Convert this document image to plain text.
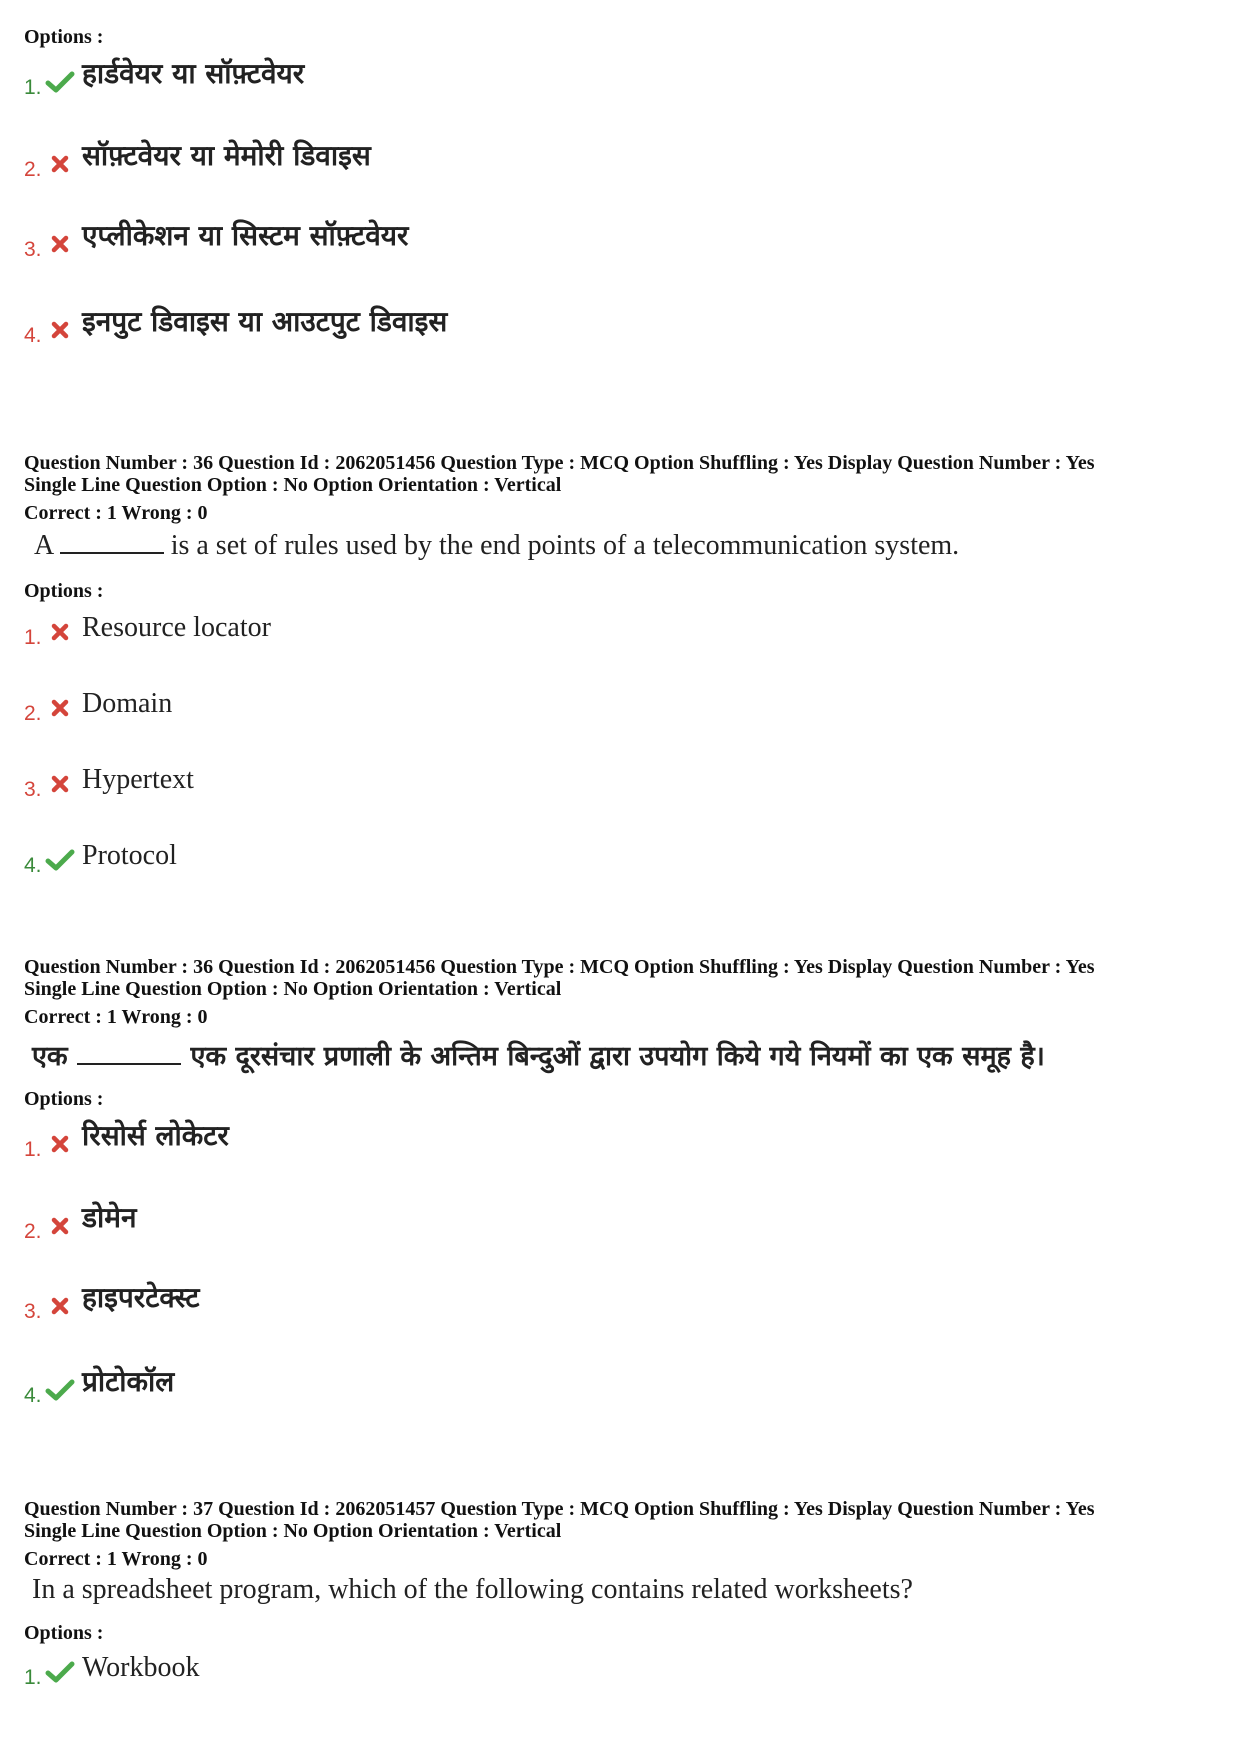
Options :
1. हार्डवेयर या सॉफ़्टवेयर
2. सॉफ़्टवेयर या मेमोरी डिवाइस
3. एप्लीकेशन या सिस्टम सॉफ़्टवेयर
4. इनपुट डिवाइस या आउटपुट डिवाइस
Question Number : 36 Question Id : 2062051456 Question Type : MCQ Option Shuffling : Yes Display Question Number : Yes
Single Line Question Option : No Option Orientation : Vertical
Correct : 1 Wrong : 0
A	is a set of rules used by the end points of a telecommunication system.
Options :
1. Resource locator
2. Domain
3. Hypertext
4. Protocol
Question Number : 36 Question Id : 2062051456 Question Type : MCQ Option Shuffling : Yes Display Question Number : Yes
Single Line Question Option : No Option Orientation : Vertical
Correct : 1 Wrong : 0
एक	एक दूरसंचार प्रणाली के अन्तिम बिन्दुओं द्वारा उपयोग किये गये नियमों का एक समूह है।
Options :
1. रिसोर्स लोकेटर
2. डोमेन
3. हाइपरटेक्स्ट
4. प्रोटोकॉल
Question Number : 37 Question Id : 2062051457 Question Type : MCQ Option Shuffling : Yes Display Question Number : Yes
Single Line Question Option : No Option Orientation : Vertical
Correct : 1 Wrong : 0
In a spreadsheet program, which of the following contains related worksheets?
Options :
1. Workbook
